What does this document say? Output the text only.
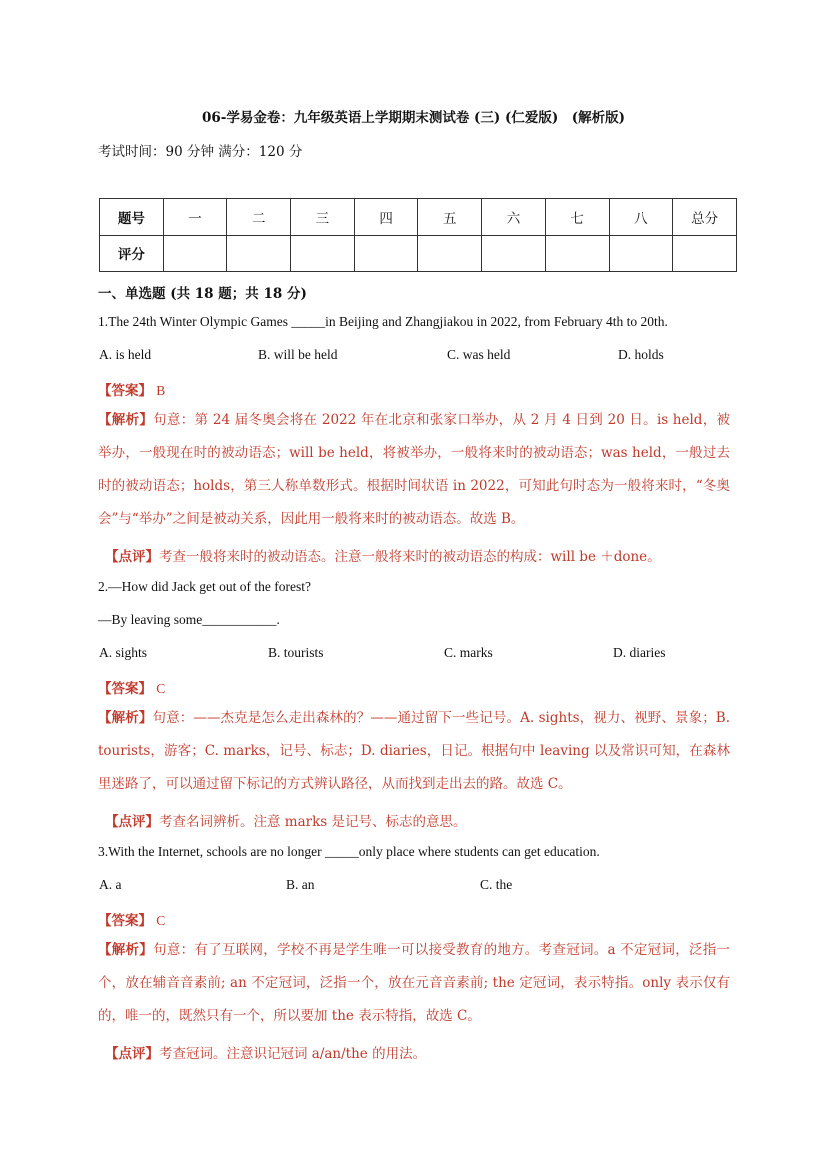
06-学易金卷：九年级英语上学期期末测试卷 (三) (仁爱版)　(解析版)
考试时间：90 分钟 满分：120 分
题号	一	二	三	四	五	六	七	八	总分
评分									
一、单选题 (共 18 题；共 18 分)
1.The 24th Winter Olympic Games _____in Beijing and Zhangjiakou in 2022, from February 4th to 20th.
A. is held	B. will be held	C. was held	D. holds
【答案】 B
【解析】句意：第 24 届冬奥会将在 2022 年在北京和张家口举办，从 2 月 4 日到 20 日。is held，被举办，一般现在时的被动语态；will be held，将被举办，一般将来时的被动语态；was held，一般过去时的被动语态；holds，第三人称单数形式。根据时间状语 in 2022，可知此句时态为一般将来时，“冬奥会”与“举办”之间是被动关系，因此用一般将来时的被动语态。故选 B。
【点评】考查一般将来时的被动语态。注意一般将来时的被动语态的构成：will be ＋done。
2.—How did Jack get out of the forest?
—By leaving some___________.
A. sights	B. tourists	C. marks	D. diaries
【答案】 C
【解析】句意：——杰克是怎么走出森林的？——通过留下一些记号。A. sights，视力、视野、景象；B. tourists，游客；C. marks，记号、标志；D. diaries，日记。根据句中 leaving 以及常识可知，在森林里迷路了，可以通过留下标记的方式辨认路径，从而找到走出去的路。故选 C。
【点评】考查名词辨析。注意 marks 是记号、标志的意思。
3.With the Internet, schools are no longer _____only place where students can get education.
A. a	B. an	C. the
【答案】 C
【解析】句意：有了互联网，学校不再是学生唯一可以接受教育的地方。考查冠词。a 不定冠词，泛指一个，放在辅音音素前; an 不定冠词，泛指一个，放在元音音素前; the 定冠词，表示特指。only 表示仅有的，唯一的，既然只有一个，所以要加 the 表示特指，故选 C。
【点评】考查冠词。注意识记冠词 a/an/the 的用法。
